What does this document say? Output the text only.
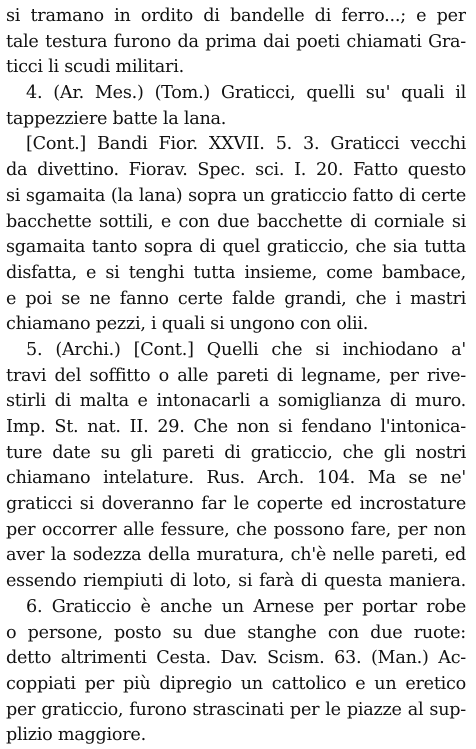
si tramano in ordito di bandelle di ferro...; e per
tale testura furono da prima dai poeti chiamati Gra-
ticci li scudi militari.
4. (Ar. Mes.) (Tom.) Graticci, quelli su' quali il
tappezziere batte la lana.
[Cont.] Bandi Fior. XXVII. 5. 3. Graticci vecchi
da divettino. Fiorav. Spec. sci. I. 20. Fatto questo
si sgamaita (la lana) sopra un graticcio fatto di certe
bacchette sottili, e con due bacchette di corniale si
sgamaita tanto sopra di quel graticcio, che sia tutta
disfatta, e si tenghi tutta insieme, come bambace,
e poi se ne fanno certe falde grandi, che i mastri
chiamano pezzi, i quali si ungono con olii.
5. (Archi.) [Cont.] Quelli che si inchiodano a'
travi del soffitto o alle pareti di legname, per rive-
stirli di malta e intonacarli a somiglianza di muro.
Imp. St. nat. II. 29. Che non si fendano l'intonica-
ture date su gli pareti di graticcio, che gli nostri
chiamano intelature. Rus. Arch. 104. Ma se ne'
graticci si doveranno far le coperte ed incrostature
per occorrer alle fessure, che possono fare, per non
aver la sodezza della muratura, ch'è nelle pareti, ed
essendo riempiuti di loto, si farà di questa maniera.
6. Graticcio è anche un Arnese per portar robe
o persone, posto su due stanghe con due ruote:
detto altrimenti Cesta. Dav. Scism. 63. (Man.) Ac-
coppiati per più dipregio un cattolico e un eretico
per graticcio, furono strascinati per le piazze al sup-
plizio maggiore.
